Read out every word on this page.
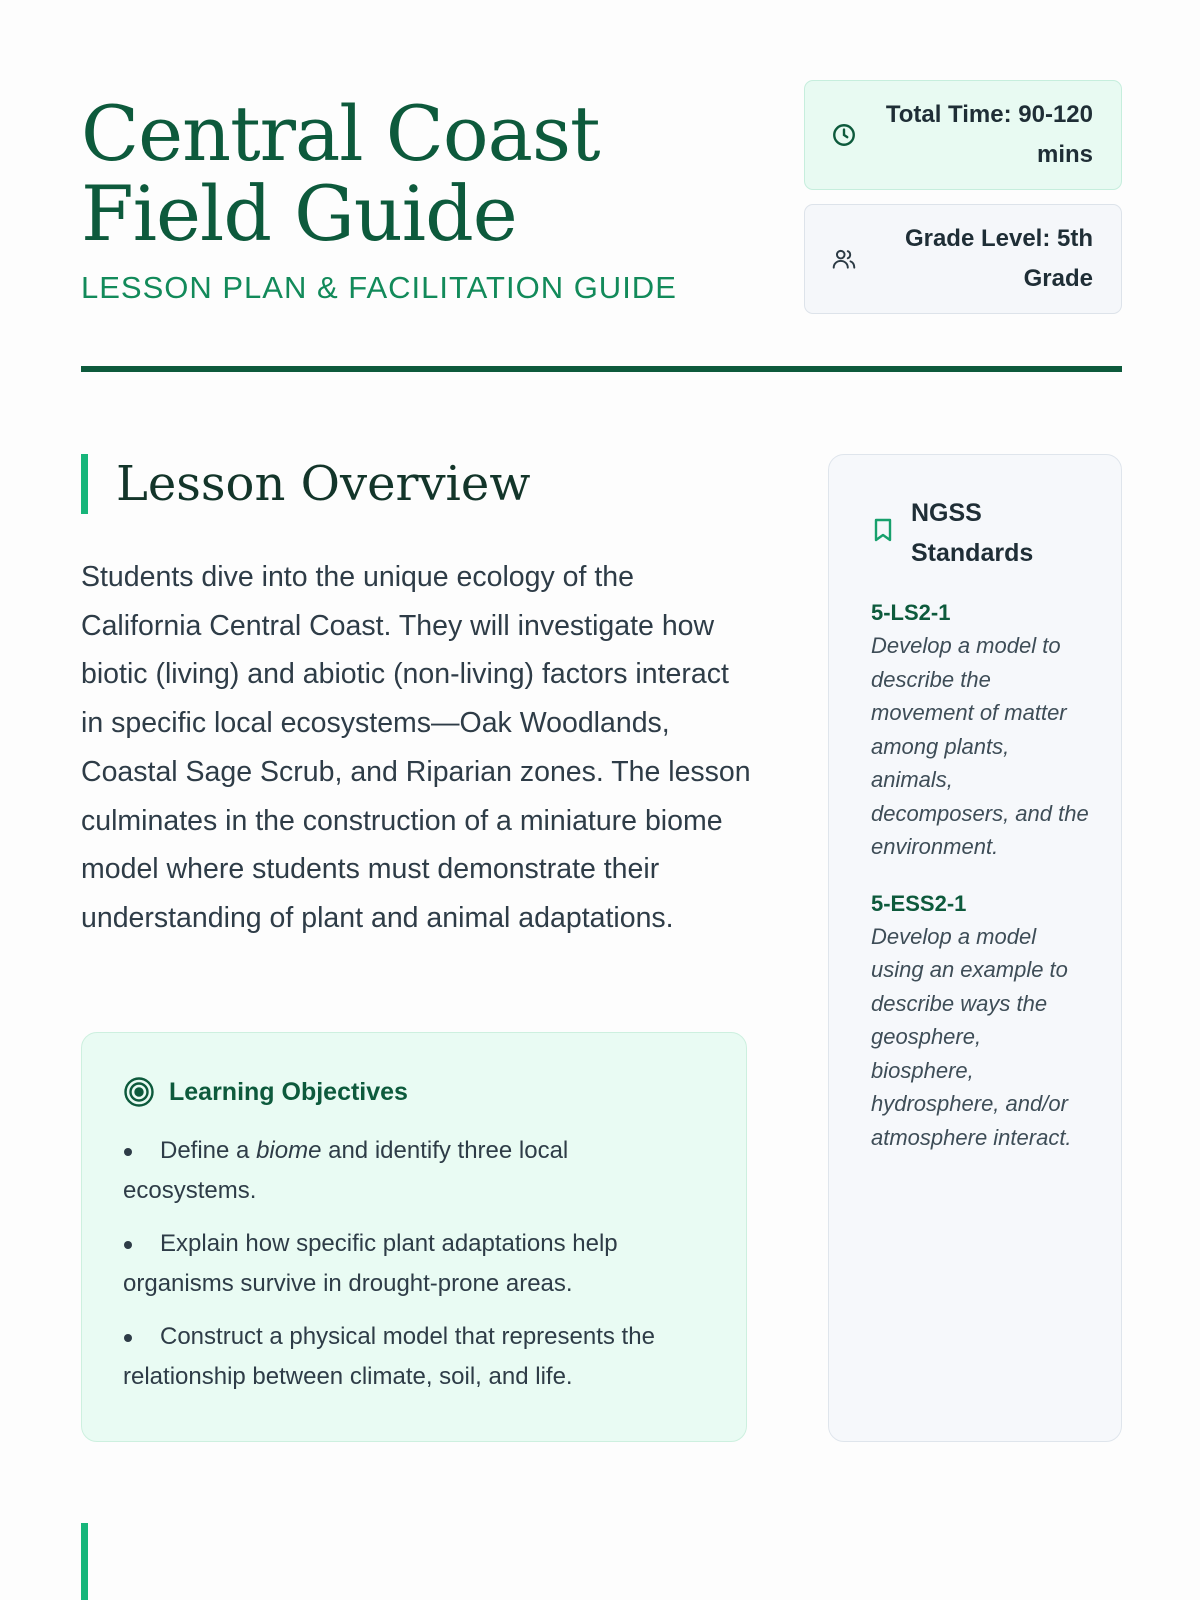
Central Coast Field Guide
LESSON PLAN & FACILITATION GUIDE
Total Time: 90-120 mins
Grade Level: 5th Grade
Lesson Overview

Students dive into the unique ecology of the California Central Coast. They will investigate how biotic (living) and abiotic (non-living) factors interact in specific local ecosystems—Oak Woodlands, Coastal Sage Scrub, and Riparian zones. The lesson culminates in the construction of a miniature biome model where students must demonstrate their understanding of plant and animal adaptations.

Learning Objectives
Define a biome and identify three local ecosystems.
Explain how specific plant adaptations help organisms survive in drought-prone areas.
Construct a physical model that represents the relationship between climate, soil, and life.
NGSS Standards
5-LS2-1
Develop a model to describe the movement of matter among plants, animals, decomposers, and the environment.
5-ESS2-1
Develop a model using an example to describe ways the geosphere, biosphere, hydrosphere, and/or atmosphere interact.
